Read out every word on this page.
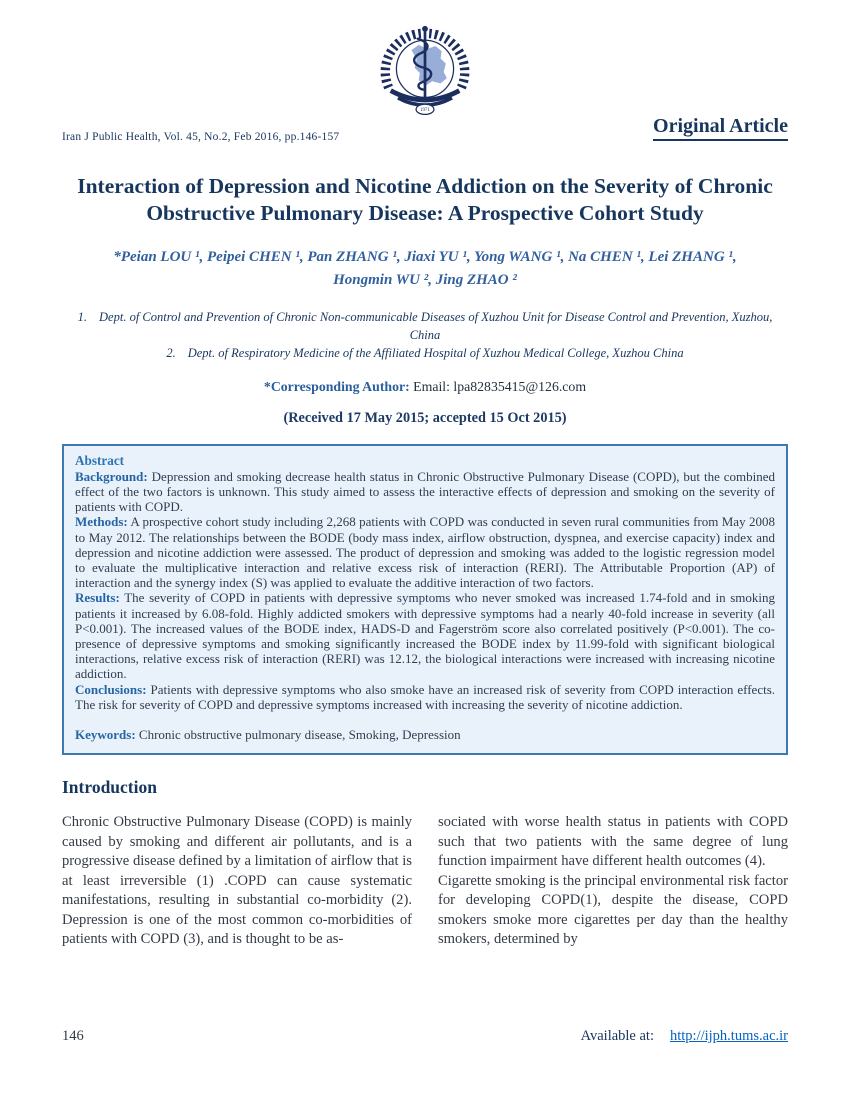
1971
Iran J Public Health, Vol. 45, No.2, Feb 2016, pp.146-157	Original Article
Interaction of Depression and Nicotine Addiction on the Severity of Chronic Obstructive Pulmonary Disease: A Prospective Cohort Study
*Peian LOU ¹, Peipei CHEN ¹, Pan ZHANG ¹, Jiaxi YU ¹, Yong WANG ¹, Na CHEN ¹, Lei ZHANG ¹, Hongmin WU ², Jing ZHAO ²
1. Dept. of Control and Prevention of Chronic Non-communicable Diseases of Xuzhou Unit for Disease Control and Prevention, Xuzhou, China
2. Dept. of Respiratory Medicine of the Affiliated Hospital of Xuzhou Medical College, Xuzhou China
*Corresponding Author: Email: lpa82835415@126.com
(Received 17 May 2015; accepted 15 Oct 2015)
Abstract

Background: Depression and smoking decrease health status in Chronic Obstructive Pulmonary Disease (COPD), but the combined effect of the two factors is unknown. This study aimed to assess the interactive effects of depression and smoking on the severity of patients with COPD.

Methods: A prospective cohort study including 2,268 patients with COPD was conducted in seven rural communities from May 2008 to May 2012. The relationships between the BODE (body mass index, airflow obstruction, dyspnea, and exercise capacity) index and depression and nicotine addiction were assessed. The product of depression and smoking was added to the logistic regression model to evaluate the multiplicative interaction and relative excess risk of interaction (RERI). The Attributable Proportion (AP) of interaction and the synergy index (S) was applied to evaluate the additive interaction of two factors.

Results: The severity of COPD in patients with depressive symptoms who never smoked was increased 1.74-fold and in smoking patients it increased by 6.08-fold. Highly addicted smokers with depressive symptoms had a nearly 40-fold increase in severity (all P<0.001). The increased values of the BODE index, HADS-D and Fagerström score also correlated positively (P<0.001). The co-presence of depressive symptoms and smoking significantly increased the BODE index by 11.99-fold with significant biological interactions, relative excess risk of interaction (RERI) was 12.12, the biological interactions were increased with increasing nicotine addiction.

Conclusions: Patients with depressive symptoms who also smoke have an increased risk of severity from COPD interaction effects. The risk for severity of COPD and depressive symptoms increased with increasing the severity of nicotine addiction.

Keywords: Chronic obstructive pulmonary disease, Smoking, Depression

Introduction

Chronic Obstructive Pulmonary Disease (COPD) is mainly caused by smoking and different air pollutants, and is a progressive disease defined by a limitation of airflow that is at least irreversible (1) .COPD can cause systematic manifestations, resulting in substantial co-morbidity (2). Depression is one of the most common co-morbidities of patients with COPD (3), and is thought to be as-

sociated with worse health status in patients with COPD such that two patients with the same degree of lung function impairment have different health outcomes (4).

Cigarette smoking is the principal environmental risk factor for developing COPD(1), despite the disease, COPD smokers smoke more cigarettes per day than the healthy smokers, determined by

146	Available at: http://ijph.tums.ac.ir
